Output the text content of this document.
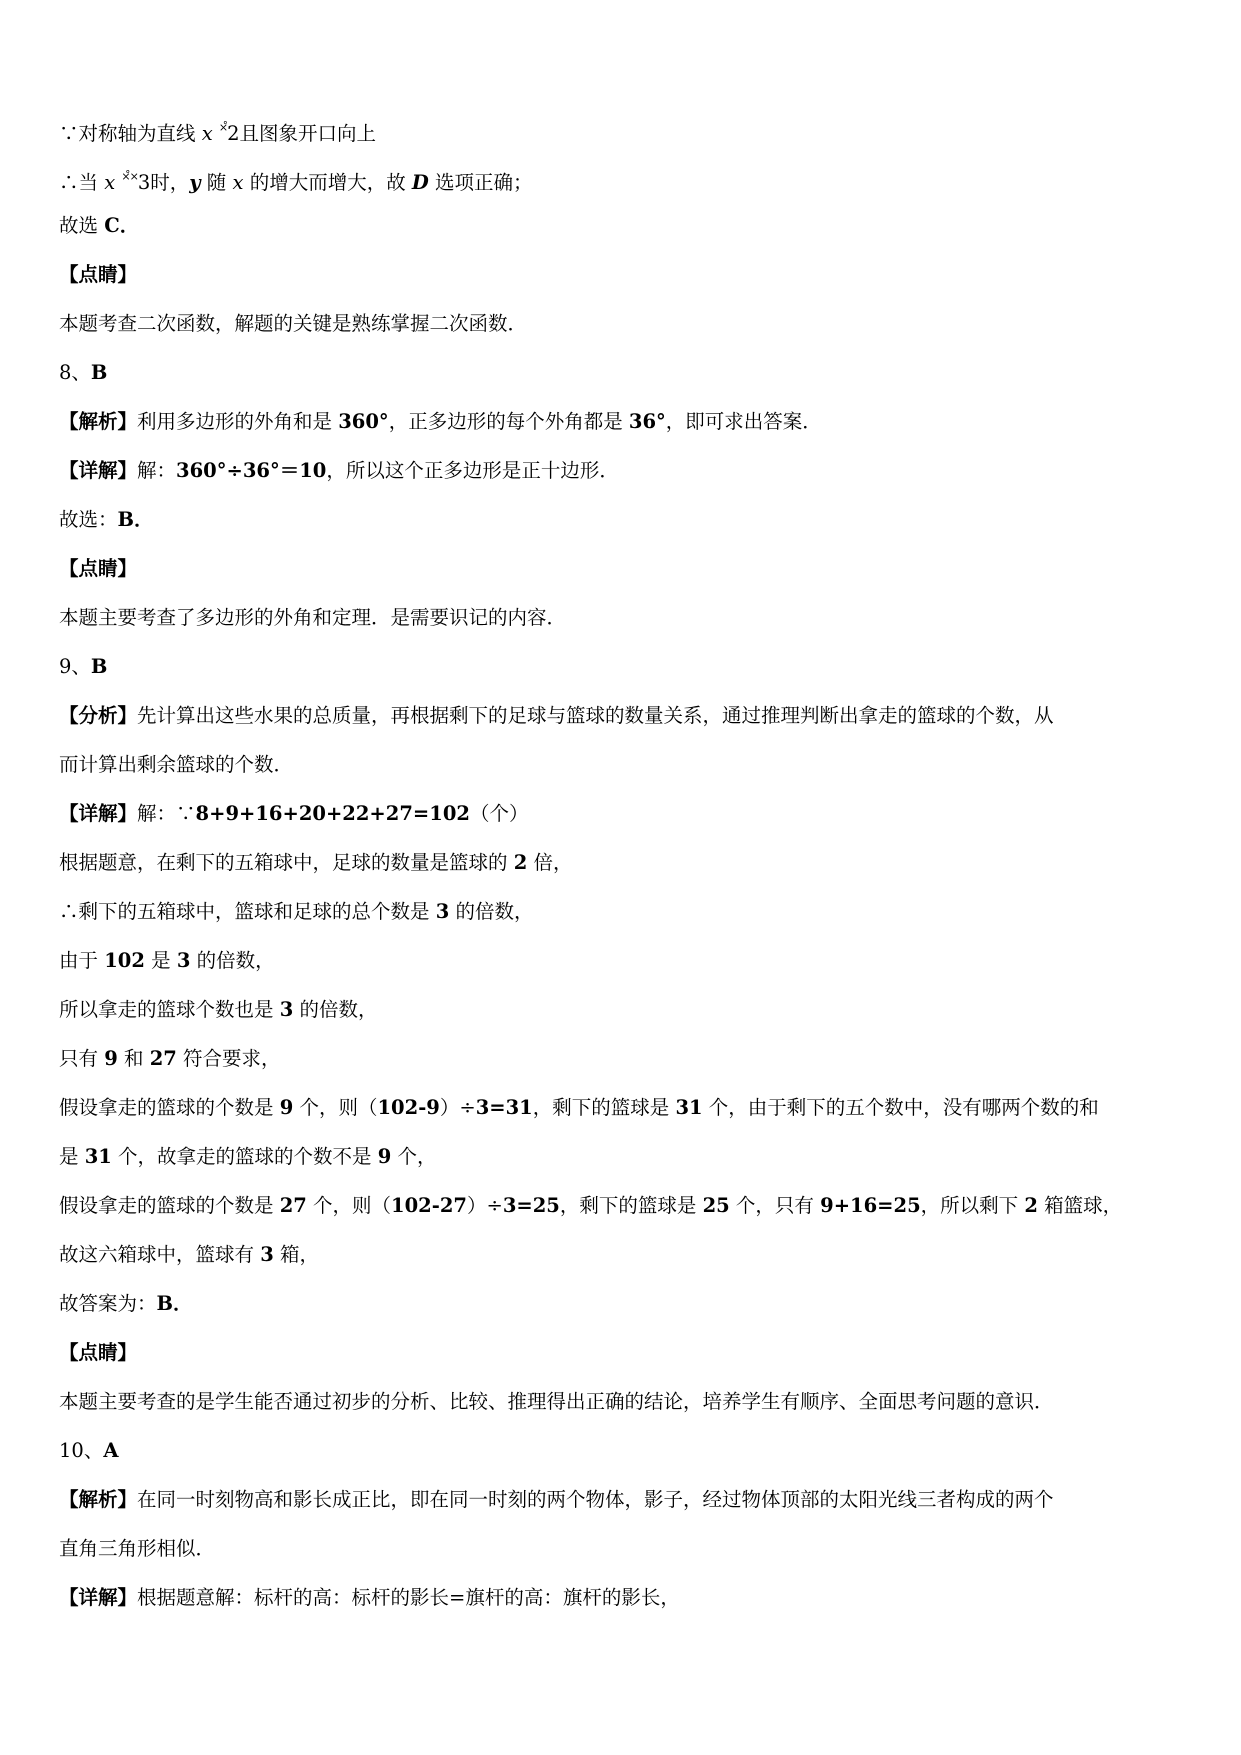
∵对称轴为直线 x ×̊2且图象开口向上
∴当 x ×̊×3时，y 随 x 的增大而增大，故 D 选项正确；
故选 C．
【点睛】
本题考查二次函数，解题的关键是熟练掌握二次函数．
8、B
【解析】利用多边形的外角和是 360°，正多边形的每个外角都是 36°，即可求出答案．
【详解】解：360°÷36°＝10，所以这个正多边形是正十边形．
故选：B．
【点睛】
本题主要考查了多边形的外角和定理．是需要识记的内容．
9、B
【分析】先计算出这些水果的总质量，再根据剩下的足球与篮球的数量关系，通过推理判断出拿走的篮球的个数，从
而计算出剩余篮球的个数．
【详解】解：∵8+9+16+20+22+27=102（个）
根据题意，在剩下的五箱球中，足球的数量是篮球的 2 倍，
∴剩下的五箱球中，篮球和足球的总个数是 3 的倍数，
由于 102 是 3 的倍数，
所以拿走的篮球个数也是 3 的倍数，
只有 9 和 27 符合要求，
假设拿走的篮球的个数是 9 个，则（102-9）÷3=31，剩下的篮球是 31 个，由于剩下的五个数中，没有哪两个数的和
是 31 个，故拿走的篮球的个数不是 9 个，
假设拿走的篮球的个数是 27 个，则（102-27）÷3=25，剩下的篮球是 25 个，只有 9+16=25，所以剩下 2 箱篮球，
故这六箱球中，篮球有 3 箱，
故答案为：B．
【点睛】
本题主要考查的是学生能否通过初步的分析、比较、推理得出正确的结论，培养学生有顺序、全面思考问题的意识．
10、A
【解析】在同一时刻物高和影长成正比，即在同一时刻的两个物体，影子，经过物体顶部的太阳光线三者构成的两个
直角三角形相似．
【详解】根据题意解：标杆的高：标杆的影长=旗杆的高：旗杆的影长，
